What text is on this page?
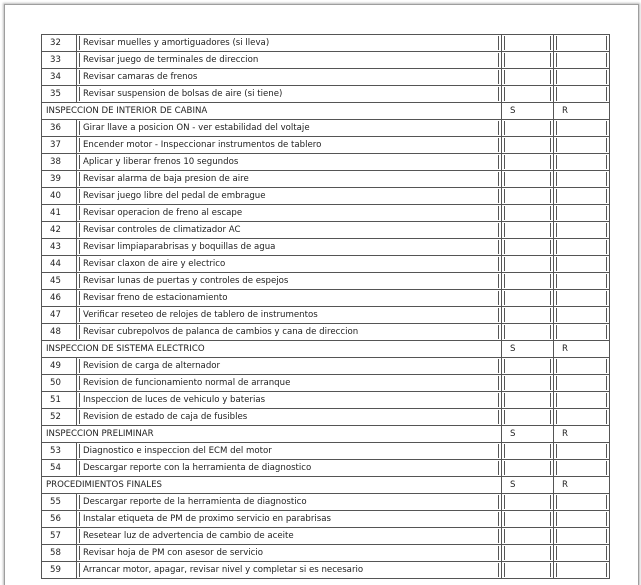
32	Revisar muelles y amortiguadores (si lleva)
33	Revisar juego de terminales de direccion
34	Revisar camaras de frenos
35	Revisar suspension de bolsas de aire (si tiene)
INSPECCION DE INTERIOR DE CABINA	S	R
36	Girar llave a posicion ON - ver estabilidad del voltaje
37	Encender motor - Inspeccionar instrumentos de tablero
38	Aplicar y liberar frenos 10 segundos
39	Revisar alarma de baja presion de aire
40	Revisar juego libre del pedal de embrague
41	Revisar operacion de freno al escape
42	Revisar controles de climatizador AC
43	Revisar limpiaparabrisas y boquillas de agua
44	Revisar claxon de aire y electrico
45	Revisar lunas de puertas y controles de espejos
46	Revisar freno de estacionamiento
47	Verificar reseteo de relojes de tablero de instrumentos
48	Revisar cubrepolvos de palanca de cambios y cana de direccion
INSPECCION DE SISTEMA ELECTRICO	S	R
49	Revision de carga de alternador
50	Revision de funcionamiento normal de arranque
51	Inspeccion de luces de vehiculo y baterias
52	Revision de estado de caja de fusibles
INSPECCION PRELIMINAR	S	R
53	Diagnostico e inspeccion del ECM del motor
54	Descargar reporte con la herramienta de diagnostico
PROCEDIMIENTOS FINALES	S	R
55	Descargar reporte de la herramienta de diagnostico
56	Instalar etiqueta de PM de proximo servicio en parabrisas
57	Resetear luz de advertencia de cambio de aceite
58	Revisar hoja de PM con asesor de servicio
59	Arrancar motor, apagar, revisar nivel y completar si es necesario
